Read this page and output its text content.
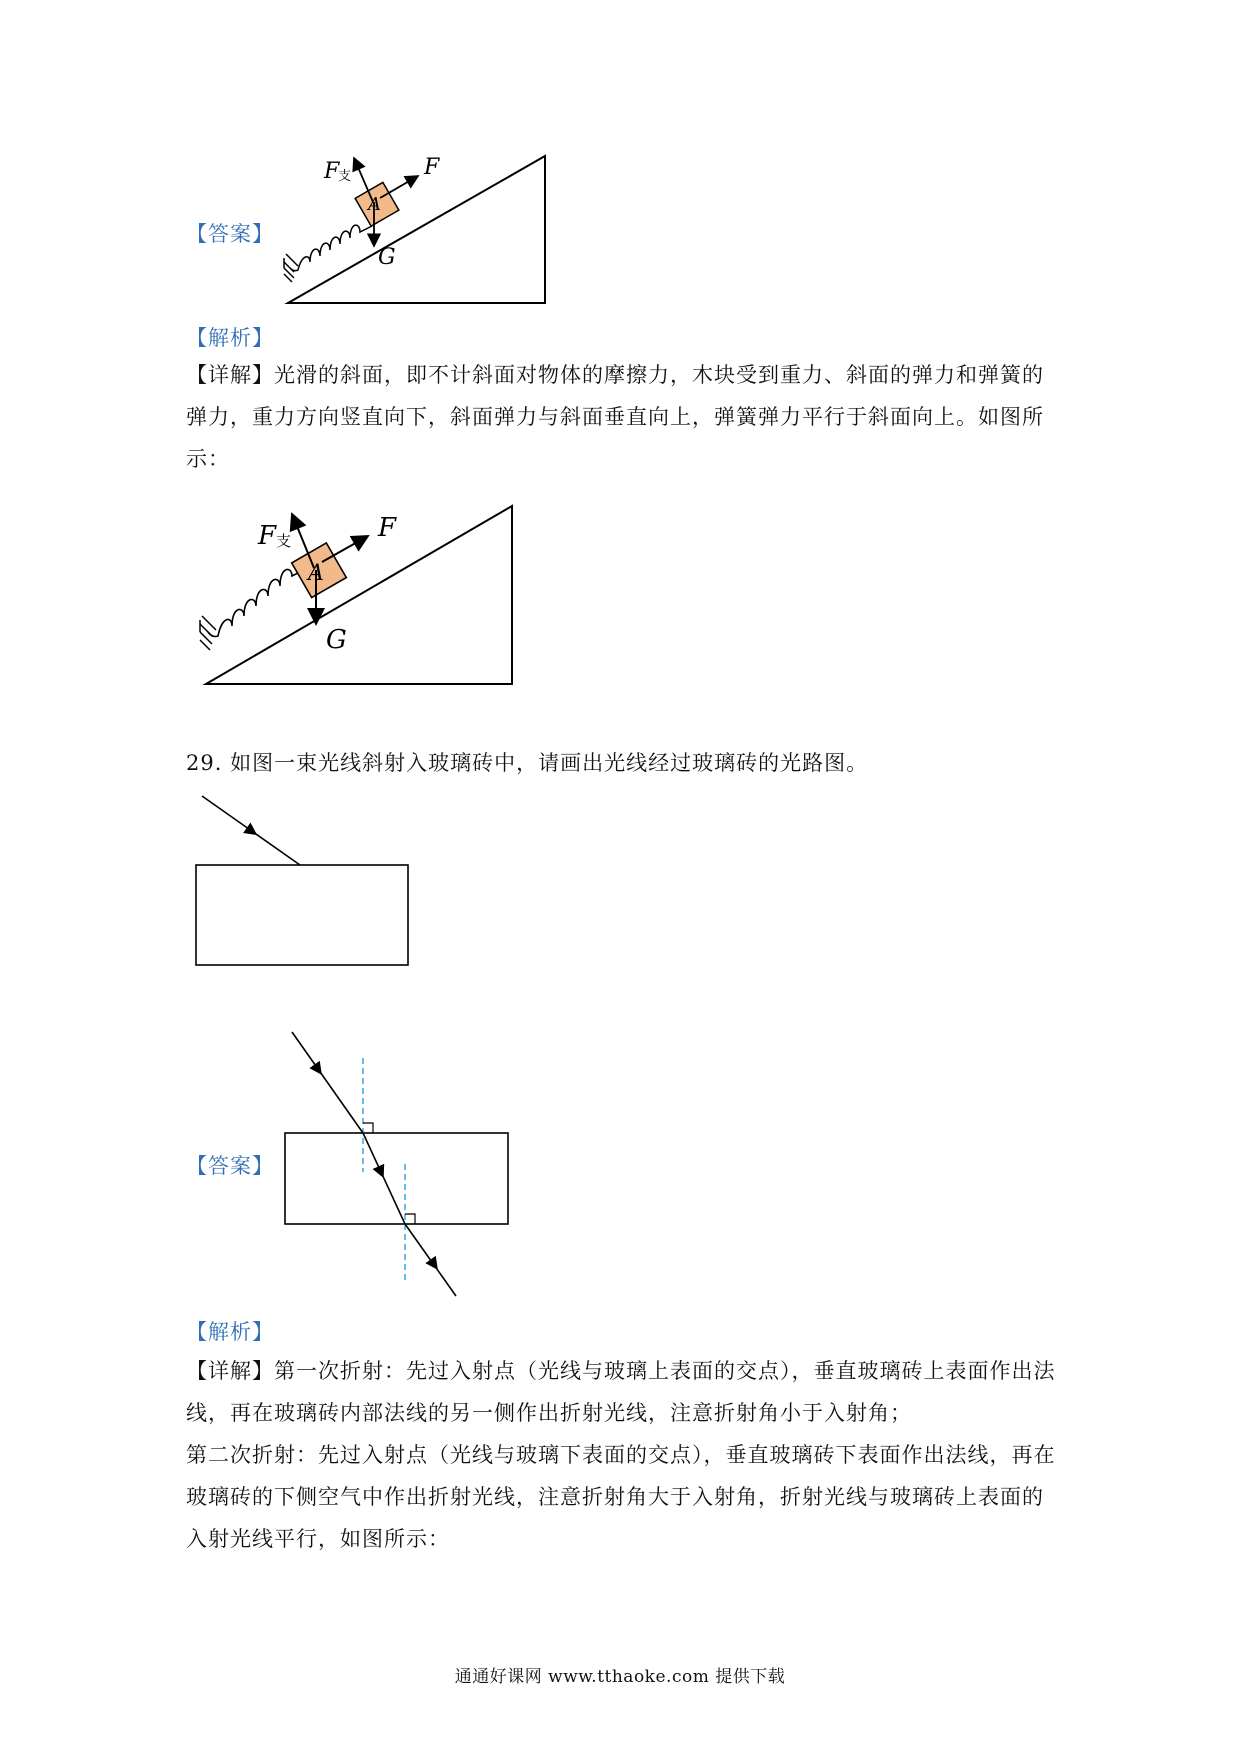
【答案】
F
支	F
A
G
【解析】
【详解】光滑的斜面，即不计斜面对物体的摩擦力，木块受到重力、斜面的弹力和弹簧的
弹力，重力方向竖直向下，斜面弹力与斜面垂直向上，弹簧弹力平行于斜面向上。如图所
示：
F 支	F
A
G
29. 如图一束光线斜射入玻璃砖中，请画出光线经过玻璃砖的光路图。
【答案】
【解析】
【详解】第一次折射：先过入射点（光线与玻璃上表面的交点），垂直玻璃砖上表面作出法
线，再在玻璃砖内部法线的另一侧作出折射光线，注意折射角小于入射角；
第二次折射：先过入射点（光线与玻璃下表面的交点），垂直玻璃砖下表面作出法线，再在
玻璃砖的下侧空气中作出折射光线，注意折射角大于入射角，折射光线与玻璃砖上表面的
入射光线平行，如图所示：
通通好课网 www.tthaoke.com 提供下载
